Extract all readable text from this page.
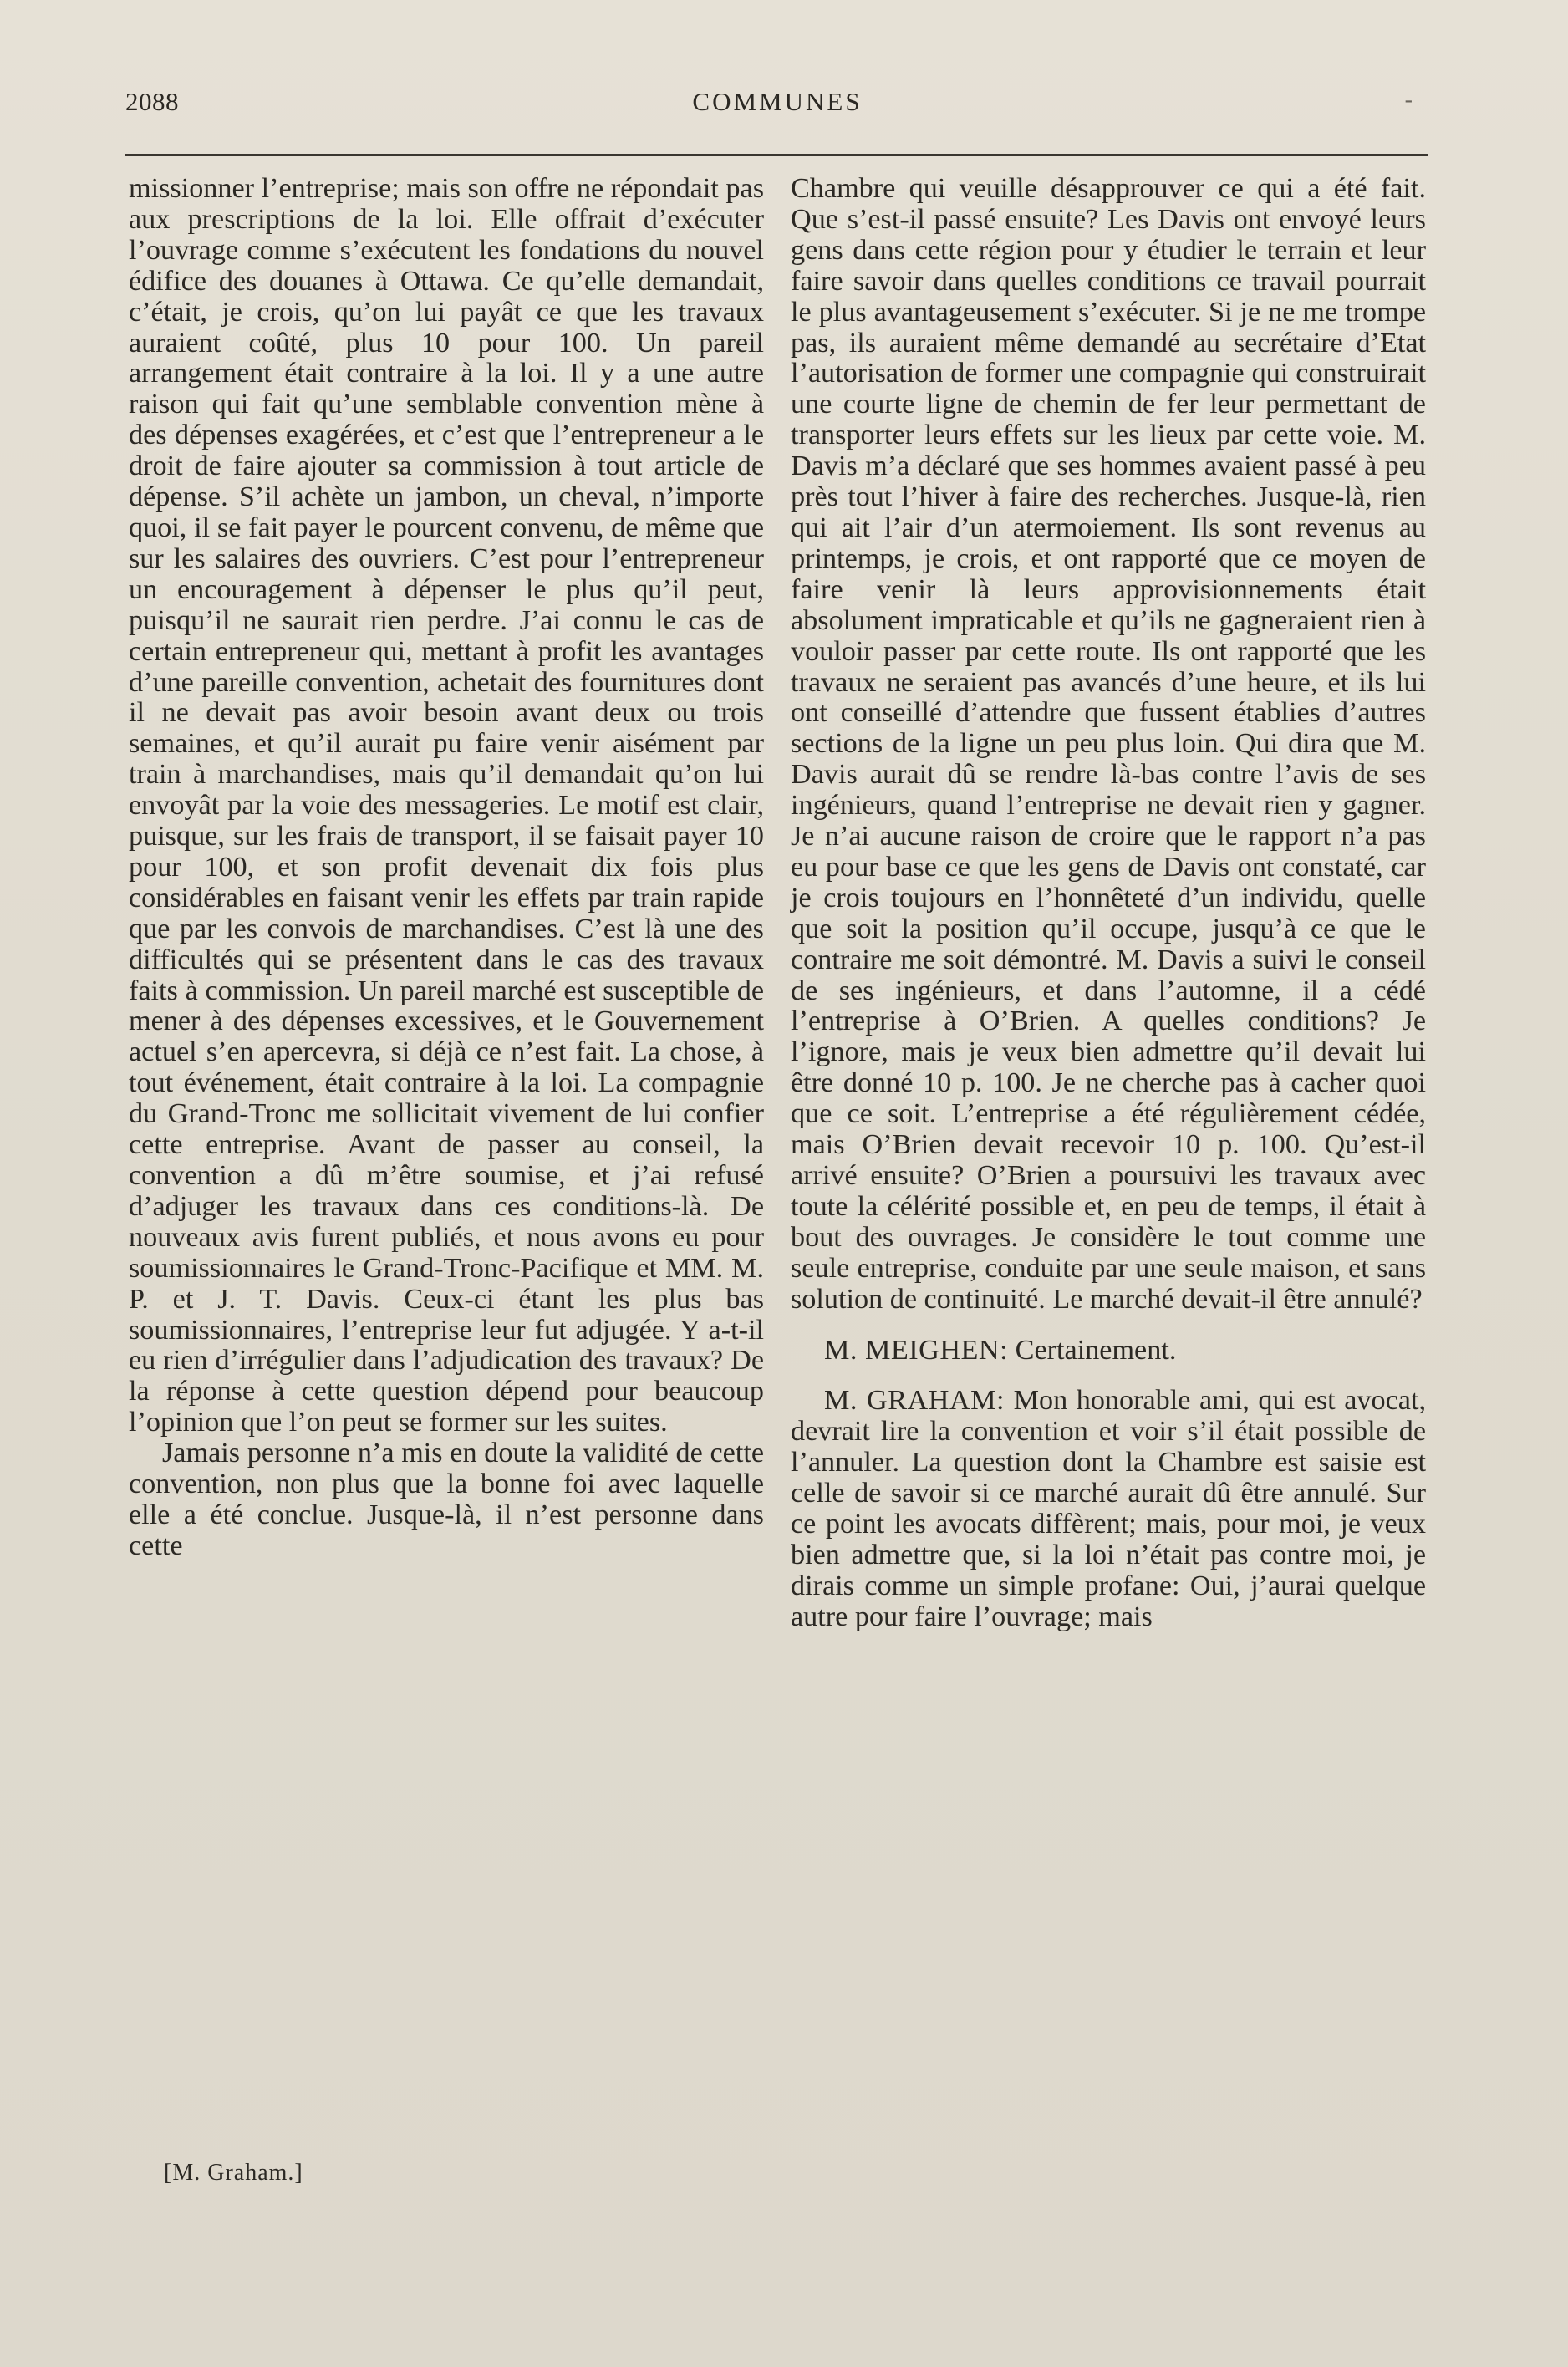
2088	COMMUNES	-

missionner l’entreprise; mais son offre ne répondait pas aux prescriptions de la loi. Elle offrait d’exécuter l’ouvrage comme s’exécutent les fondations du nouvel édifice des douanes à Ottawa. Ce qu’elle demandait, c’était, je crois, qu’on lui payât ce que les travaux auraient coûté, plus 10 pour 100. Un pareil arrangement était contraire à la loi. Il y a une autre raison qui fait qu’une semblable convention mène à des dépenses exagérées, et c’est que l’entrepreneur a le droit de faire ajouter sa commission à tout article de dépense. S’il achète un jambon, un cheval, n’importe quoi, il se fait payer le pourcent convenu, de même que sur les salaires des ouvriers. C’est pour l’entrepreneur un encouragement à dépenser le plus qu’il peut, puisqu’il ne saurait rien perdre. J’ai connu le cas de certain entrepreneur qui, mettant à profit les avantages d’une pareille convention, achetait des fournitures dont il ne devait pas avoir besoin avant deux ou trois semaines, et qu’il aurait pu faire venir aisément par train à marchandises, mais qu’il demandait qu’on lui envoyât par la voie des messageries. Le motif est clair, puisque, sur les frais de transport, il se faisait payer 10 pour 100, et son profit devenait dix fois plus considérables en faisant venir les effets par train rapide que par les convois de marchandises. C’est là une des difficultés qui se présentent dans le cas des travaux faits à commission. Un pareil marché est susceptible de mener à des dépenses excessives, et le Gouvernement actuel s’en apercevra, si déjà ce n’est fait. La chose, à tout événement, était contraire à la loi. La compagnie du Grand-Tronc me sollicitait vivement de lui confier cette entreprise. Avant de passer au conseil, la convention a dû m’être soumise, et j’ai refusé d’adjuger les travaux dans ces conditions-là. De nouveaux avis furent publiés, et nous avons eu pour soumissionnaires le Grand-Tronc-Pacifique et MM. M. P. et J. T. Davis. Ceux-ci étant les plus bas soumissionnaires, l’entreprise leur fut adjugée. Y a-t-il eu rien d’irrégulier dans l’adjudication des travaux? De la réponse à cette question dépend pour beaucoup l’opinion que l’on peut se former sur les suites.

Jamais personne n’a mis en doute la validité de cette convention, non plus que la bonne foi avec laquelle elle a été conclue. Jusque-là, il n’est personne dans cette

Chambre qui veuille désapprouver ce qui a été fait. Que s’est-il passé ensuite? Les Davis ont envoyé leurs gens dans cette région pour y étudier le terrain et leur faire savoir dans quelles conditions ce travail pourrait le plus avantageusement s’exécuter. Si je ne me trompe pas, ils auraient même demandé au secrétaire d’Etat l’autorisation de former une compagnie qui construirait une courte ligne de chemin de fer leur permettant de transporter leurs effets sur les lieux par cette voie. M. Davis m’a déclaré que ses hommes avaient passé à peu près tout l’hiver à faire des recherches. Jusque-là, rien qui ait l’air d’un atermoiement. Ils sont revenus au printemps, je crois, et ont rapporté que ce moyen de faire venir là leurs approvisionnements était absolument impraticable et qu’ils ne gagneraient rien à vouloir passer par cette route. Ils ont rapporté que les travaux ne seraient pas avancés d’une heure, et ils lui ont conseillé d’attendre que fussent établies d’autres sections de la ligne un peu plus loin. Qui dira que M. Davis aurait dû se rendre là-bas contre l’avis de ses ingénieurs, quand l’entreprise ne devait rien y gagner. Je n’ai aucune raison de croire que le rapport n’a pas eu pour base ce que les gens de Davis ont constaté, car je crois toujours en l’honnêteté d’un individu, quelle que soit la position qu’il occupe, jusqu’à ce que le contraire me soit démontré. M. Davis a suivi le conseil de ses ingénieurs, et dans l’automne, il a cédé l’entreprise à O’Brien. A quelles conditions? Je l’ignore, mais je veux bien admettre qu’il devait lui être donné 10 p. 100. Je ne cherche pas à cacher quoi que ce soit. L’entreprise a été régulièrement cédée, mais O’Brien devait recevoir 10 p. 100. Qu’est-il arrivé ensuite? O’Brien a poursuivi les travaux avec toute la célérité possible et, en peu de temps, il était à bout des ouvrages. Je considère le tout comme une seule entreprise, conduite par une seule maison, et sans solution de continuité. Le marché devait-il être annulé?

M. MEIGHEN: Certainement.

M. GRAHAM: Mon honorable ami, qui est avocat, devrait lire la convention et voir s’il était possible de l’annuler. La question dont la Chambre est saisie est celle de savoir si ce marché aurait dû être annulé. Sur ce point les avocats diffèrent; mais, pour moi, je veux bien admettre que, si la loi n’était pas contre moi, je dirais comme un simple profane: Oui, j’aurai quelque autre pour faire l’ouvrage; mais

[M. Graham.]
